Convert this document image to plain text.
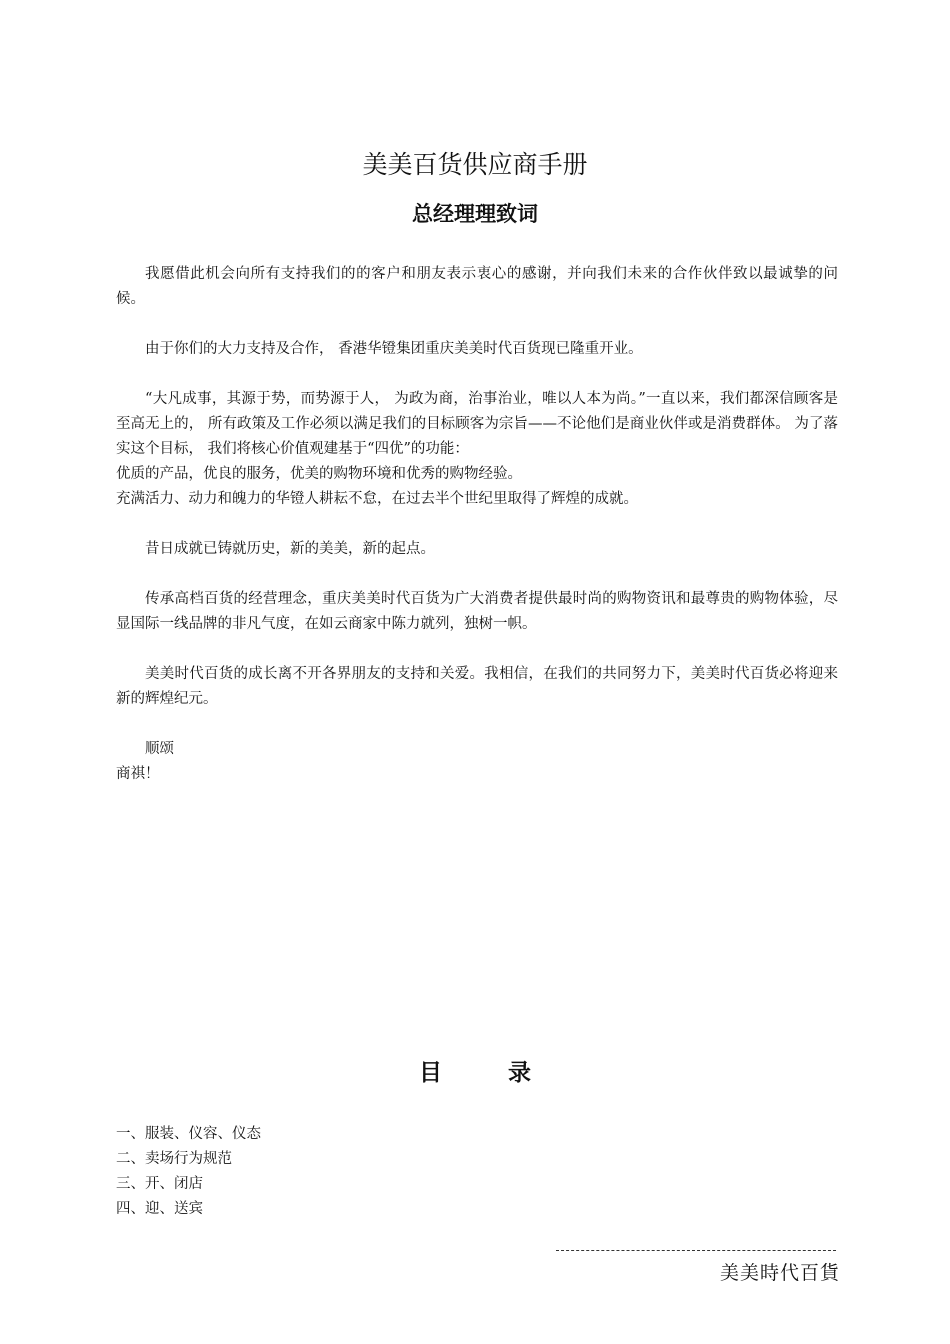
美美百货供应商手册
总经理理致词

我愿借此机会向所有支持我们的的客户和朋友表示衷心的感谢，并向我们未来的合作伙伴致以最诚挚的问候。

由于你们的大力支持及合作， 香港华镫集团重庆美美时代百货现已隆重开业。

“大凡成事，其源于势，而势源于人， 为政为商，治事治业，唯以人本为尚。”一直以来，我们都深信顾客是至高无上的， 所有政策及工作必须以满足我们的目标顾客为宗旨——不论他们是商业伙伴或是消费群体。 为了落实这个目标， 我们将核心价值观建基于“四优”的功能：

优质的产品，优良的服务，优美的购物环境和优秀的购物经验。

充满活力、动力和魄力的华镫人耕耘不怠，在过去半个世纪里取得了辉煌的成就。

昔日成就已铸就历史，新的美美，新的起点。

传承高档百货的经营理念，重庆美美时代百货为广大消费者提供最时尚的购物资讯和最尊贵的购物体验，尽显国际一线品牌的非凡气度，在如云商家中陈力就列，独树一帜。

美美时代百货的成长离不开各界朋友的支持和关爱。我相信，在我们的共同努力下，美美时代百货必将迎来新的辉煌纪元。

顺颂

商祺！

目录
一、服装、仪容、仪态
二、卖场行为规范
三、开、闭店
四、迎、送宾
美美時代百貨
